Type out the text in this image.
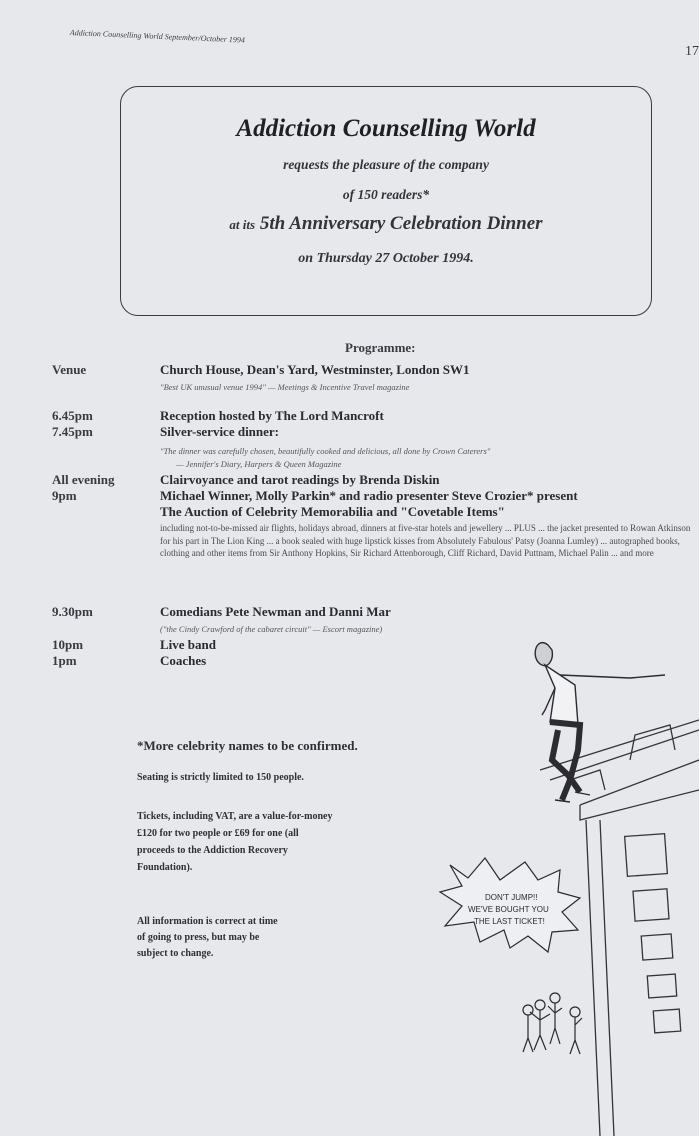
Addiction Counselling World September/October 1994
17
Addiction Counselling World
requests the pleasure of the company
of 150 readers*
at its 5th Anniversary Celebration Dinner
on Thursday 27 October 1994.
Programme:
Venue	Church House, Dean's Yard, Westminster, London SW1
"Best UK unusual venue 1994" — Meetings & Incentive Travel magazine
6.45pm	Reception hosted by The Lord Mancroft
7.45pm	Silver-service dinner:
"The dinner was carefully chosen, beautifully cooked and delicious, all done by Crown Caterers"
— Jennifer's Diary, Harpers & Queen Magazine
All evening	Clairvoyance and tarot readings by Brenda Diskin
9pm	Michael Winner, Molly Parkin* and radio presenter Steve Crozier* present
The Auction of Celebrity Memorabilia and "Covetable Items"
including not-to-be-missed air flights, holidays abroad, dinners at five-star hotels and jewellery ... PLUS ... the jacket presented to Rowan Atkinson for his part in The Lion King ... a book sealed with huge lipstick kisses from Absolutely Fabulous' Patsy (Joanna Lumley) ... autographed books, clothing and other items from Sir Anthony Hopkins, Sir Richard Attenborough, Cliff Richard, David Puttnam, Michael Palin ... and more
9.30pm	Comedians Pete Newman and Danni Mar
("the Cindy Crawford of the cabaret circuit" — Escort magazine)
10pm	Live band
1pm	Coaches
*More celebrity names to be confirmed.
Seating is strictly limited to 150 people.
Tickets, including VAT, are a value-for-money £120 for two people or £69 for one (all proceeds to the Addiction Recovery Foundation).
All information is correct at time of going to press, but may be subject to change.
DON'T JUMP!!
WE'VE BOUGHT YOU
THE LAST TICKET!
